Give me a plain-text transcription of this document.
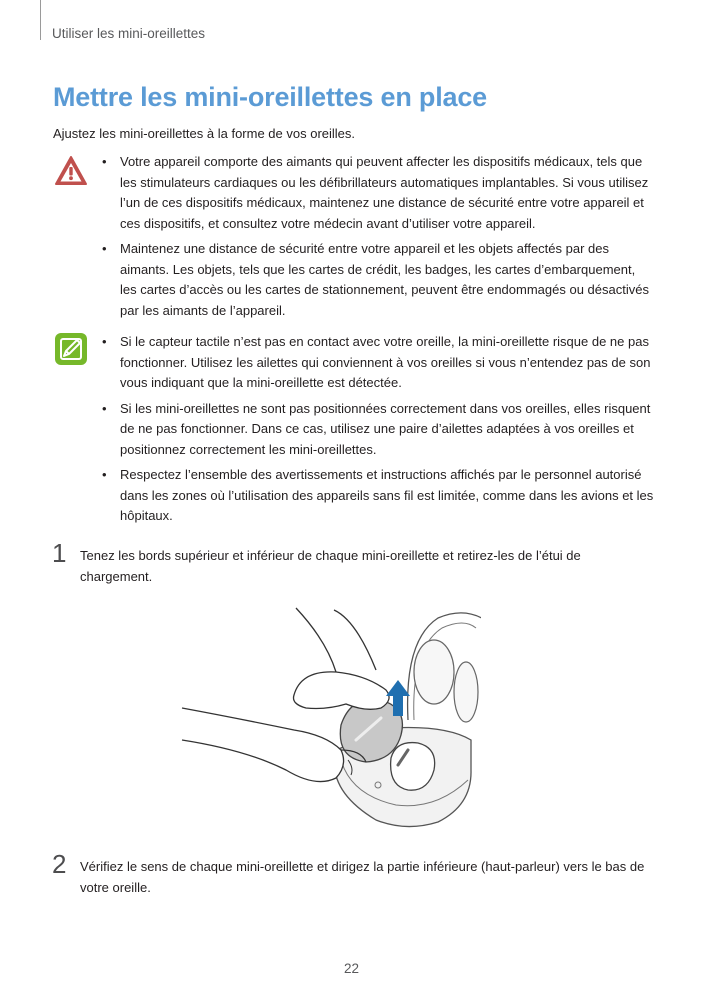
Utiliser les mini-oreillettes
Mettre les mini-oreillettes en place
Ajustez les mini-oreillettes à la forme de vos oreilles.
• Votre appareil comporte des aimants qui peuvent affecter les dispositifs médicaux, tels que les stimulateurs cardiaques ou les défibrillateurs automatiques implantables. Si vous utilisez l’un de ces dispositifs médicaux, maintenez une distance de sécurité entre votre appareil et ces dispositifs, et consultez votre médecin avant d’utiliser votre appareil.
• Maintenez une distance de sécurité entre votre appareil et les objets affectés par des aimants. Les objets, tels que les cartes de crédit, les badges, les cartes d’embarquement, les cartes d’accès ou les cartes de stationnement, peuvent être endommagés ou désactivés par les aimants de l’appareil.
• Si le capteur tactile n’est pas en contact avec votre oreille, la mini-oreillette risque de ne pas fonctionner. Utilisez les ailettes qui conviennent à vos oreilles si vous n’entendez pas de son vous indiquant que la mini-oreillette est détectée.
• Si les mini-oreillettes ne sont pas positionnées correctement dans vos oreilles, elles risquent de ne pas fonctionner. Dans ce cas, utilisez une paire d’ailettes adaptées à vos oreilles et positionnez correctement les mini-oreillettes.
• Respectez l’ensemble des avertissements et instructions affichés par le personnel autorisé dans les zones où l’utilisation des appareils sans fil est limitée, comme dans les avions et les hôpitaux.
1 Tenez les bords supérieur et inférieur de chaque mini-oreillette et retirez-les de l’étui de chargement.
2 Vérifiez le sens de chaque mini-oreillette et dirigez la partie inférieure (haut-parleur) vers le bas de votre oreille.
22
